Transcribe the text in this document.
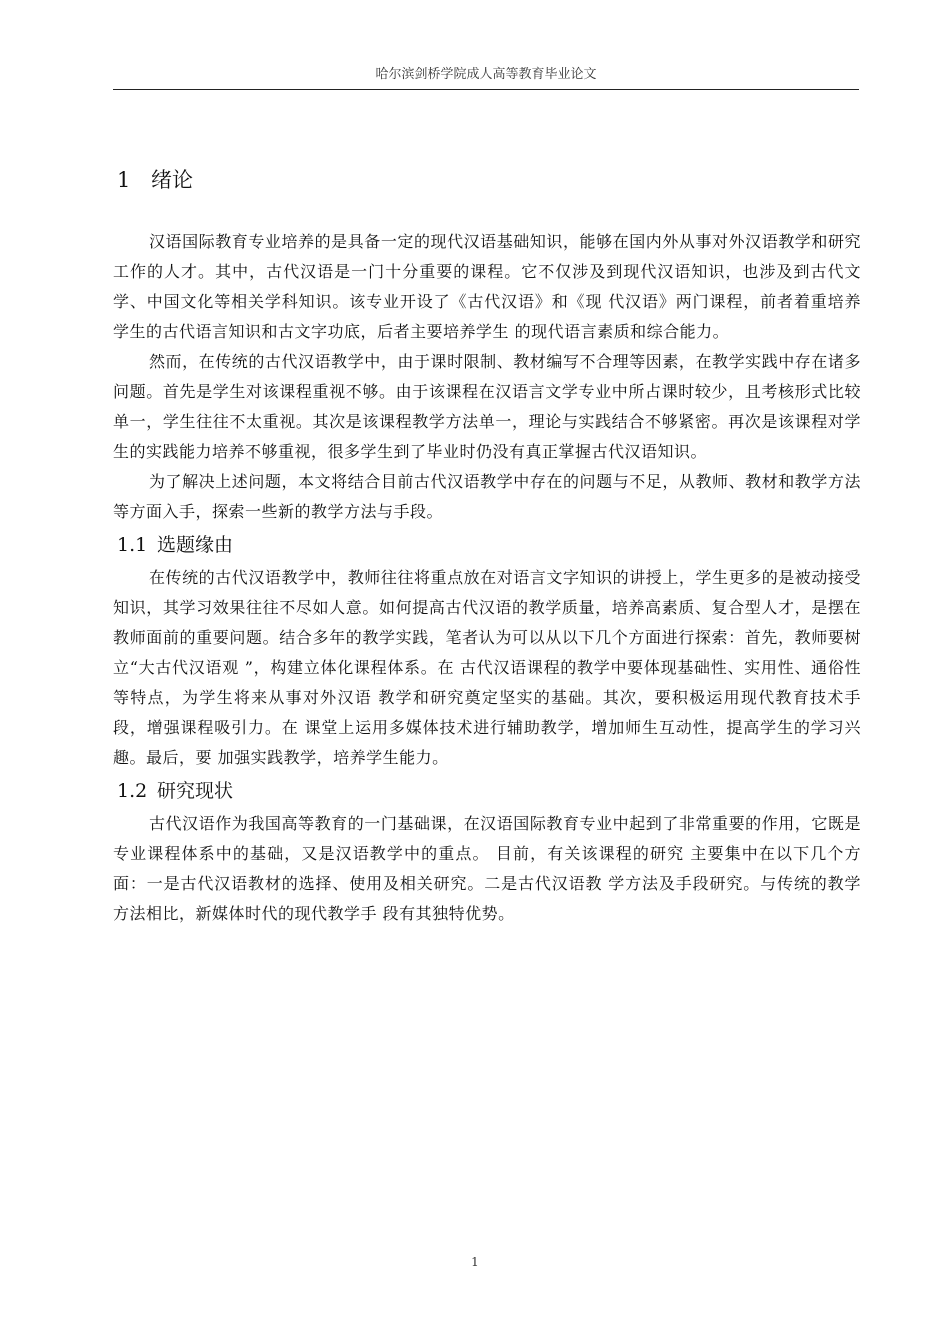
哈尔滨剑桥学院成人高等教育毕业论文
1 绪论

汉语国际教育专业培养的是具备一定的现代汉语基础知识，能够在国内外从事对外汉语教学和研究工作的人才。其中，古代汉语是一门十分重要的课程。它不仅涉及到现代汉语知识，也涉及到古代文学、中国文化等相关学科知识。该专业开设了《古代汉语》和《现 代汉语》两门课程，前者着重培养学生的古代语言知识和古文字功底，后者主要培养学生 的现代语言素质和综合能力。

然而，在传统的古代汉语教学中，由于课时限制、教材编写不合理等因素，在教学实践中存在诸多问题。首先是学生对该课程重视不够。由于该课程在汉语言文学专业中所占课时较少，且考核形式比较单一，学生往往不太重视。其次是该课程教学方法单一，理论与实践结合不够紧密。再次是该课程对学生的实践能力培养不够重视，很多学生到了毕业时仍没有真正掌握古代汉语知识。

为了解决上述问题，本文将结合目前古代汉语教学中存在的问题与不足，从教师、教材和教学方法等方面入手，探索一些新的教学方法与手段。

1.1 选题缘由

在传统的古代汉语教学中，教师往往将重点放在对语言文字知识的讲授上，学生更多的是被动接受知识，其学习效果往往不尽如人意。如何提高古代汉语的教学质量，培养高素质、复合型人才，是摆在教师面前的重要问题。结合多年的教学实践，笔者认为可以从以下几个方面进行探索：首先，教师要树立“大古代汉语观 ”，构建立体化课程体系。在 古代汉语课程的教学中要体现基础性、实用性、通俗性等特点，为学生将来从事对外汉语 教学和研究奠定坚实的基础。其次，要积极运用现代教育技术手段，增强课程吸引力。在 课堂上运用多媒体技术进行辅助教学，增加师生互动性，提高学生的学习兴趣。最后，要 加强实践教学，培养学生能力。

1.2 研究现状

古代汉语作为我国高等教育的一门基础课，在汉语国际教育专业中起到了非常重要的作用，它既是专业课程体系中的基础，又是汉语教学中的重点。 目前，有关该课程的研究 主要集中在以下几个方面：一是古代汉语教材的选择、使用及相关研究。二是古代汉语教 学方法及手段研究。与传统的教学方法相比，新媒体时代的现代教学手 段有其独特优势。

1
